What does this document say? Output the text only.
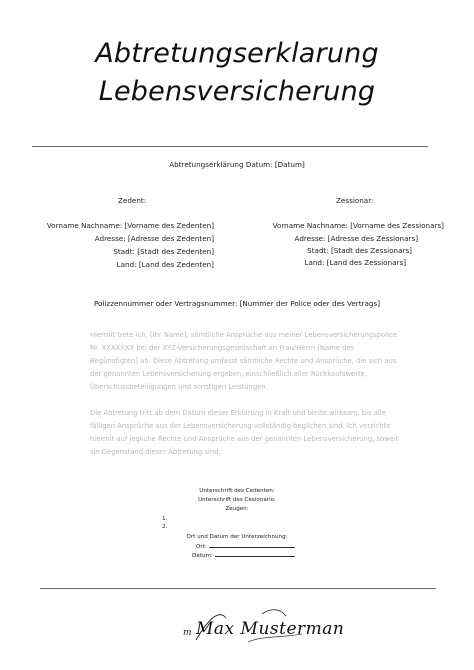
Abtretungserklarung
Lebensversicherung
Abtretungserklärung Datum: [Datum]
Zedent:
Vorname Nachname: [Vorname des Zedenten]
Adresse: [Adresse des Zedenten]
Stadt: [Stadt des Zedenten]
Land: [Land des Zedenten]
Zessionar:
Vorname Nachname: [Vorname des Zessionars]
Adresse: [Adresse des Zessionars]
Stadt: [Stadt des Zessionars]
Land: [Land des Zessionars]
Polizzennummer oder Vertragsnummer: [Nummer der Police oder des Vertrags]
Hiermit trete ich, [Ihr Name], sämtliche Ansprüche aus meiner Lebensversicherungspolice Nr. XXXXXXX bei der XYZ-Versicherungsgesellschaft an Frau/Herrn [Name des Begünstigten] ab. Diese Abtretung umfasst sämtliche Rechte und Ansprüche, die sich aus der genannten Lebensversicherung ergeben, einschließlich aller Rückkaufswerte, Überschussbeteiligungen und sonstigen Leistungen.
Die Abtretung tritt ab dem Datum dieser Erklärung in Kraft und bleibt wirksam, bis alle fälligen Ansprüche aus der Lebensversicherung vollständig beglichen sind. Ich verzichte hiermit auf jegliche Rechte und Ansprüche aus der genannten Lebensversicherung, soweit sie Gegenstand dieser Abtretung sind.
Unterschrift des Cedenten:
Unterschrift des Cesionario:
Zeugen:
1.
2.
Ort und Datum der Unterzeichnung:
Ort:
Datum:
m Max Musterman
